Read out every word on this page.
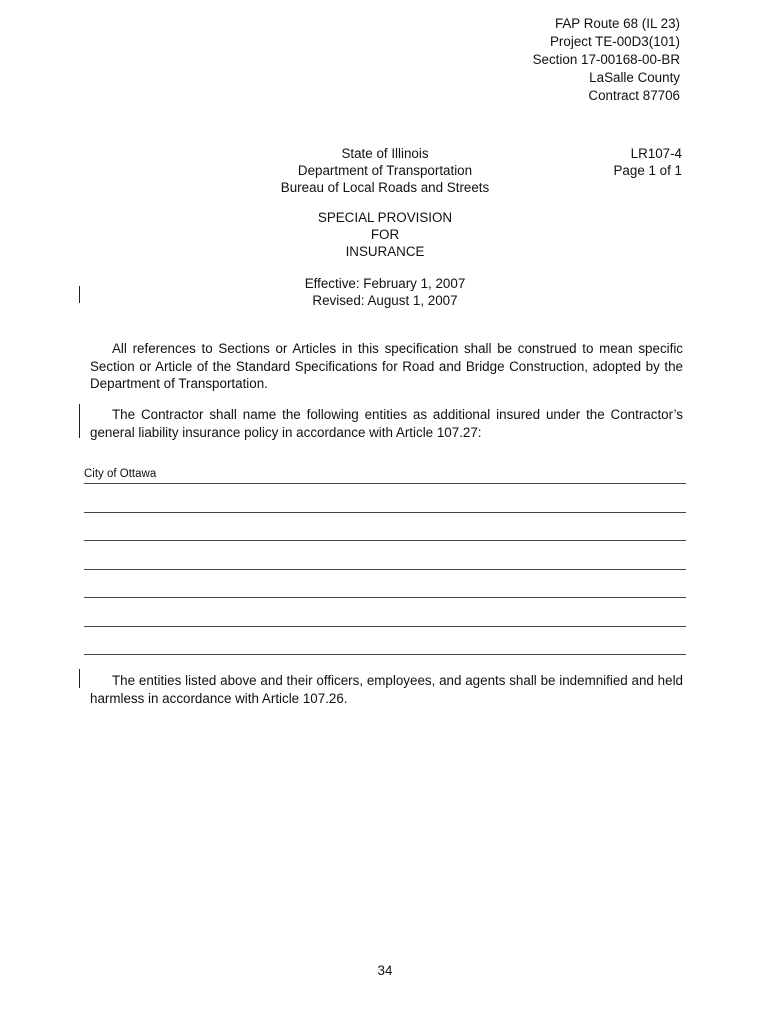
FAP Route 68 (IL 23)
Project TE-00D3(101)
Section 17-00168-00-BR
LaSalle County
Contract 87706
State of Illinois
Department of Transportation
Bureau of Local Roads and Streets
LR107-4
Page 1 of 1
SPECIAL PROVISION
FOR
INSURANCE
Effective: February 1, 2007
Revised: August 1, 2007
All references to Sections or Articles in this specification shall be construed to mean specific Section or Article of the Standard Specifications for Road and Bridge Construction, adopted by the Department of Transportation.
The Contractor shall name the following entities as additional insured under the Contractor’s general liability insurance policy in accordance with Article 107.27:
City of Ottawa
The entities listed above and their officers, employees, and agents shall be indemnified and held harmless in accordance with Article 107.26.
34
